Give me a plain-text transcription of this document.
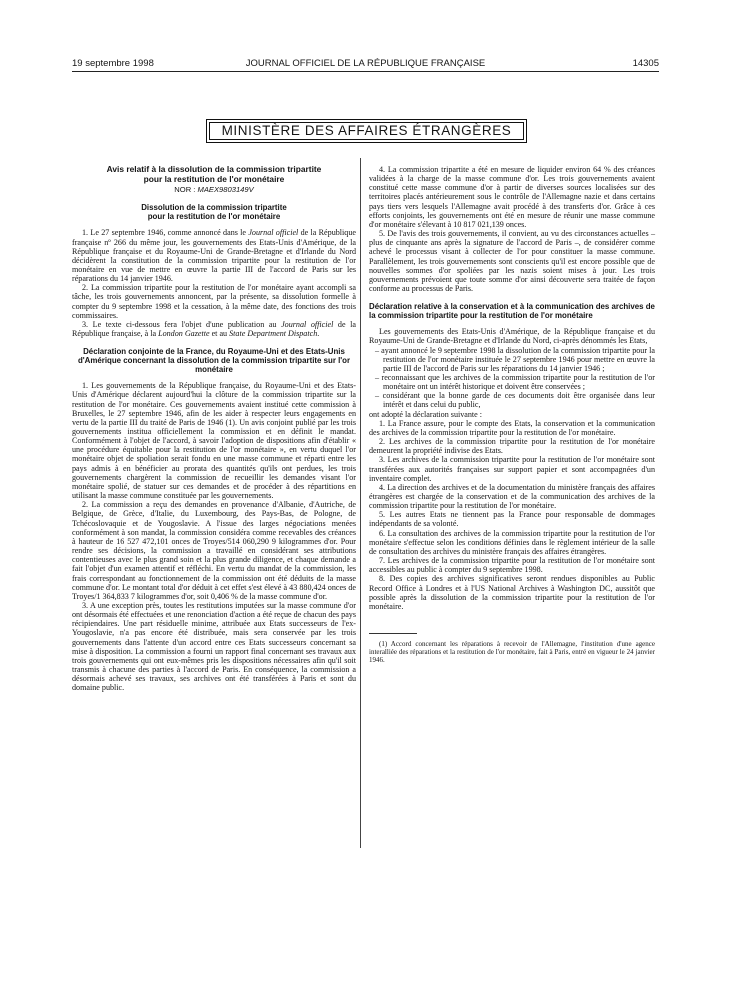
19 septembre 1998	JOURNAL OFFICIEL DE LA RÉPUBLIQUE FRANÇAISE	14305
MINISTÈRE DES AFFAIRES ÉTRANGÈRES

Avis relatif à la dissolution de la commission tripartite

pour la restitution de l'or monétaire

NOR : MAEX9803149V

Dissolution de la commission tripartite
pour la restitution de l'or monétaire

1. Le 27 septembre 1946, comme annoncé dans le Journal officiel de la République française nº 266 du même jour, les gouvernements des Etats-Unis d'Amérique, de la République française et du Royaume-Uni de Grande-Bretagne et d'Irlande du Nord décidèrent la constitution de la commission tripartite pour la restitution de l'or monétaire en vue de mettre en œuvre la partie III de l'accord de Paris sur les réparations du 14 janvier 1946.

2. La commission tripartite pour la restitution de l'or monétaire ayant accompli sa tâche, les trois gouvernements annoncent, par la présente, sa dissolution formelle à compter du 9 septembre 1998 et la cessation, à la même date, des fonctions des trois commissaires.

3. Le texte ci-dessous fera l'objet d'une publication au Journal officiel de la République française, à la London Gazette et au State Department Dispatch.

Déclaration conjointe de la France, du Royaume-Uni et des Etats-Unis d'Amérique concernant la dissolution de la commission tripartite sur l'or monétaire

1. Les gouvernements de la République française, du Royaume-Uni et des Etats-Unis d'Amérique déclarent aujourd'hui la clôture de la commission tripartite sur la restitution de l'or monétaire. Ces gouvernements avaient institué cette commission à Bruxelles, le 27 septembre 1946, afin de les aider à respecter leurs engagements en vertu de la partie III du traité de Paris de 1946 (1). Un avis conjoint publié par les trois gouvernements institua officiellement la commission et en définit le mandat. Conformément à l'objet de l'accord, à savoir l'adoption de dispositions afin d'établir « une procédure équitable pour la restitution de l'or monétaire », en vertu duquel l'or monétaire objet de spoliation serait fondu en une masse commune et réparti entre les pays admis à en bénéficier au prorata des quantités qu'ils ont perdues, les trois gouvernements chargèrent la commission de recueillir les demandes visant l'or monétaire spolié, de statuer sur ces demandes et de procéder à des répartitions en utilisant la masse commune constituée par les gouvernements.

2. La commission a reçu des demandes en provenance d'Albanie, d'Autriche, de Belgique, de Grèce, d'Italie, du Luxembourg, des Pays-Bas, de Pologne, de Tchécoslovaquie et de Yougoslavie. A l'issue des larges négociations menées conformément à son mandat, la commission considéra comme recevables des créances à hauteur de 16 527 472,101 onces de Troyes/514 060,290 9 kilogrammes d'or. Pour rendre ses décisions, la commission a travaillé en considérant ses attributions contentieuses avec le plus grand soin et la plus grande diligence, et chaque demande a fait l'objet d'un examen attentif et réfléchi. En vertu du mandat de la commission, les frais correspondant au fonctionnement de la commission ont été déduits de la masse commune d'or. Le montant total d'or déduit à cet effet s'est élevé à 43 880,424 onces de Troyes/1 364,833 7 kilogrammes d'or, soit 0,406 % de la masse commune d'or.

3. A une exception près, toutes les restitutions imputées sur la masse commune d'or ont désormais été effectuées et une renonciation d'action a été reçue de chacun des pays récipiendaires. Une part résiduelle minime, attribuée aux Etats successeurs de l'ex-Yougoslavie, n'a pas encore été distribuée, mais sera conservée par les trois gouvernements dans l'attente d'un accord entre ces Etats successeurs concernant sa mise à disposition. La commission a fourni un rapport final concernant ses travaux aux trois gouvernements qui ont eux-mêmes pris les dispositions nécessaires afin qu'il soit transmis à chacune des parties à l'accord de Paris. En conséquence, la commission a désormais achevé ses travaux, ses archives ont été transférées à Paris et sont du domaine public.

4. La commission tripartite a été en mesure de liquider environ 64 % des créances validées à la charge de la masse commune d'or. Les trois gouvernements avaient constitué cette masse commune d'or à partir de diverses sources localisées sur des territoires placés antérieurement sous le contrôle de l'Allemagne nazie et dans certains pays tiers vers lesquels l'Allemagne avait procédé à des transferts d'or. Grâce à ces efforts conjoints, les gouvernements ont été en mesure de réunir une masse commune d'or monétaire s'élevant à 10 817 021,139 onces.

5. De l'avis des trois gouvernements, il convient, au vu des circonstances actuelles – plus de cinquante ans après la signature de l'accord de Paris –, de considérer comme achevé le processus visant à collecter de l'or pour constituer la masse commune. Parallèlement, les trois gouvernements sont conscients qu'il est encore possible que de nouvelles sommes d'or spoliées par les nazis soient mises à jour. Les trois gouvernements prévoient que toute somme d'or ainsi découverte sera traitée de façon conforme au processus de Paris.

Déclaration relative à la conservation et à la communication des archives de la commission tripartite pour la restitution de l'or monétaire

Les gouvernements des Etats-Unis d'Amérique, de la République française et du Royaume-Uni de Grande-Bretagne et d'Irlande du Nord, ci-après dénommés les Etats,

– ayant annoncé le 9 septembre 1998 la dissolution de la commission tripartite pour la restitution de l'or monétaire instituée le 27 septembre 1946 pour mettre en œuvre la partie III de l'accord de Paris sur les réparations du 14 janvier 1946 ;

– reconnaissant que les archives de la commission tripartite pour la restitution de l'or monétaire ont un intérêt historique et doivent être conservées ;

– considérant que la bonne garde de ces documents doit être organisée dans leur intérêt et dans celui du public,

ont adopté la déclaration suivante :

1. La France assure, pour le compte des Etats, la conservation et la communication des archives de la commission tripartite pour la restitution de l'or monétaire.

2. Les archives de la commission tripartite pour la restitution de l'or monétaire demeurent la propriété indivise des Etats.

3. Les archives de la commission tripartite pour la restitution de l'or monétaire sont transférées aux autorités françaises sur support papier et sont accompagnées d'un inventaire complet.

4. La direction des archives et de la documentation du ministère français des affaires étrangères est chargée de la conservation et de la communication des archives de la commission tripartite pour la restitution de l'or monétaire.

5. Les autres Etats ne tiennent pas la France pour responsable de dommages indépendants de sa volonté.

6. La consultation des archives de la commission tripartite pour la restitution de l'or monétaire s'effectue selon les conditions définies dans le règlement intérieur de la salle de consultation des archives du ministère français des affaires étrangères.

7. Les archives de la commission tripartite pour la restitution de l'or monétaire sont accessibles au public à compter du 9 septembre 1998.

8. Des copies des archives significatives seront rendues disponibles au Public Record Office à Londres et à l'US National Archives à Washington DC, aussitôt que possible après la dissolution de la commission tripartite pour la restitution de l'or monétaire.

(1) Accord concernant les réparations à recevoir de l'Allemagne, l'institution d'une agence interalliée des réparations et la restitution de l'or monétaire, fait à Paris, entré en vigueur le 24 janvier 1946.
